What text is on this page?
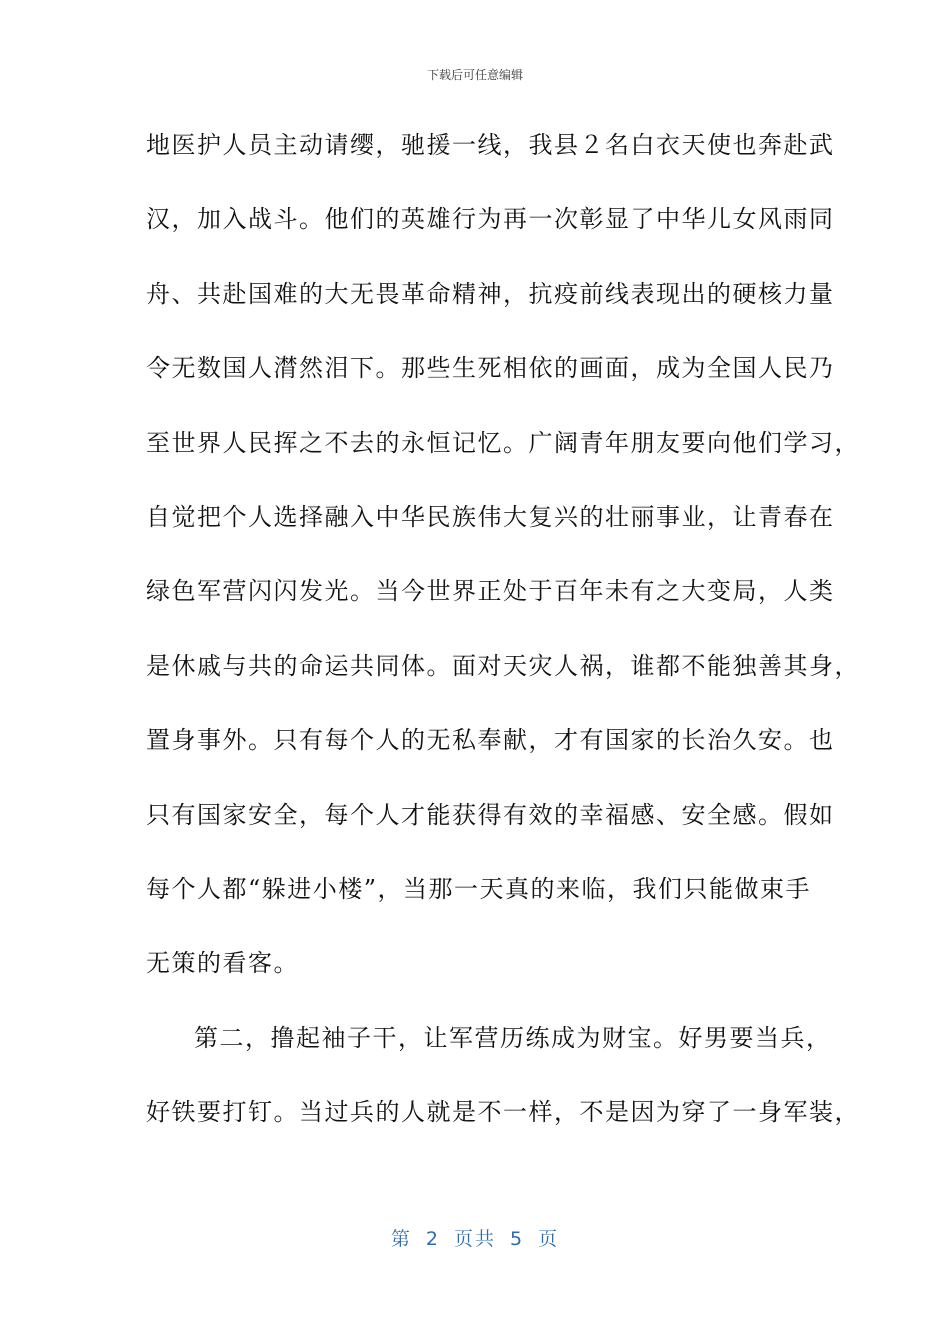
下载后可任意编辑
地医护人员主动请缨，驰援一线，我县２名白衣天使也奔赴武
汉，加入战斗。他们的英雄行为再一次彰显了中华儿女风雨同
舟、共赴国难的大无畏革命精神，抗疫前线表现出的硬核力量
令无数国人潸然泪下。那些生死相依的画面，成为全国人民乃
至世界人民挥之不去的永恒记忆。广阔青年朋友要向他们学习，
自觉把个人选择融入中华民族伟大复兴的壮丽事业，让青春在
绿色军营闪闪发光。当今世界正处于百年未有之大变局，人类
是休戚与共的命运共同体。面对天灾人祸，谁都不能独善其身，
置身事外。只有每个人的无私奉献，才有国家的长治久安。也
只有国家安全，每个人才能获得有效的幸福感、安全感。假如
每个人都“躲进小楼”，当那一天真的来临，我们只能做束手
无策的看客。
第二，撸起袖子干，让军营历练成为财宝。好男要当兵，
好铁要打钉。当过兵的人就是不一样，不是因为穿了一身军装，
第 2 页共 5 页
